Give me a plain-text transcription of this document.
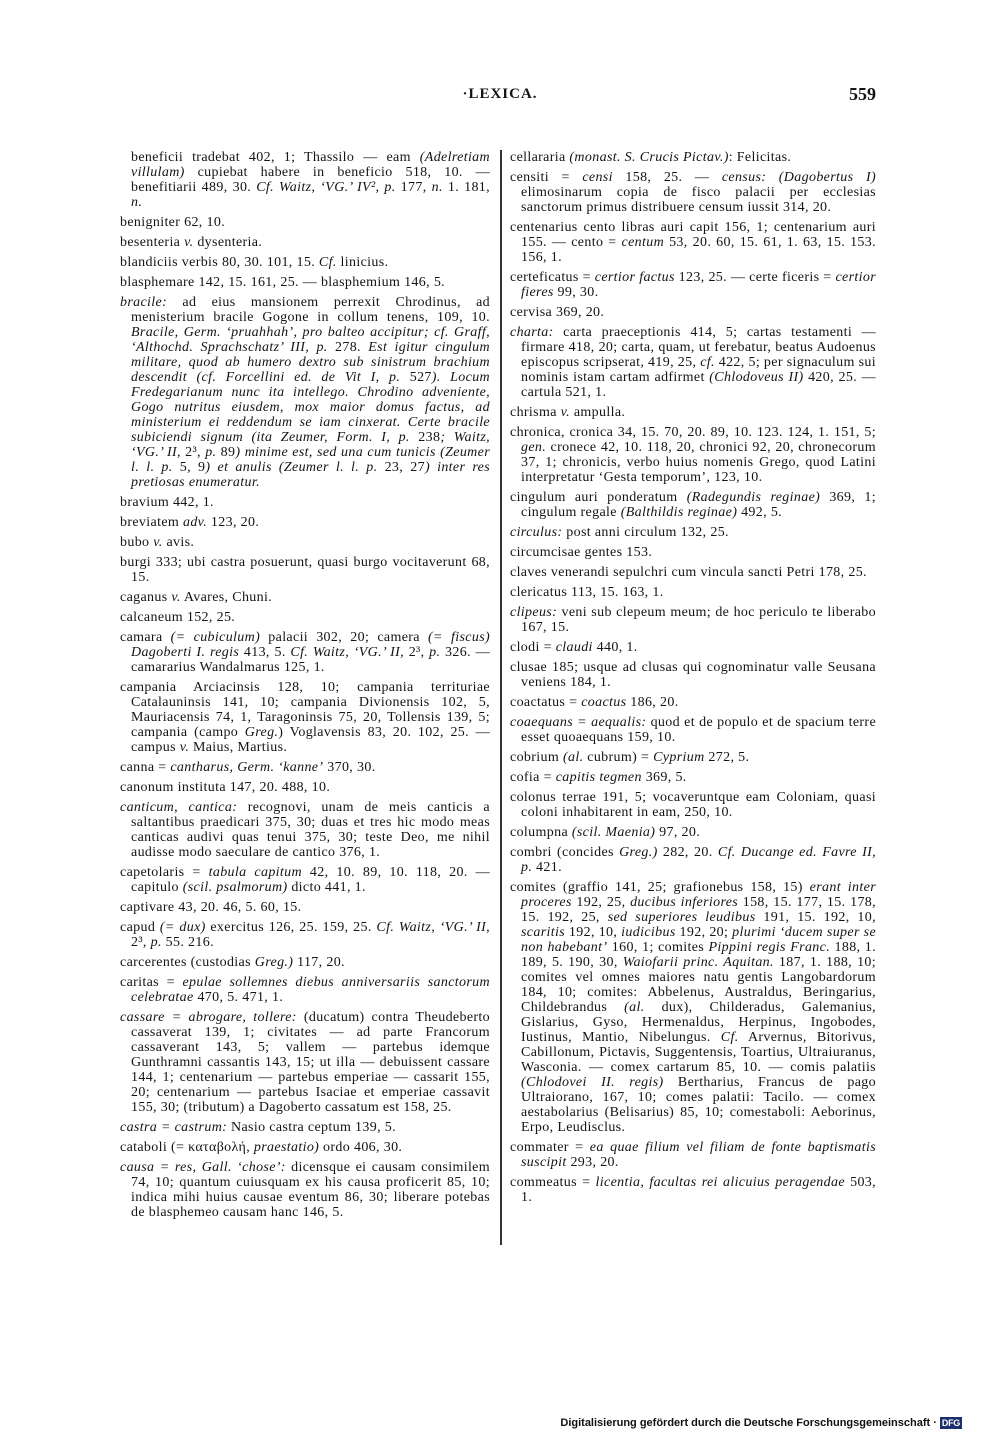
·LEXICA.	559
beneficii tradebat 402, 1; Thassilo — eam (Adelretiam villulam) cupiebat habere in beneficio 518, 10. — benefitiarii 489, 30. Cf. Waitz, ‘VG.’ IV², p. 177, n. 1. 181, n.
benigniter 62, 10.
besenteria v. dysenteria.
blandiciis verbis 80, 30. 101, 15. Cf. linicius.
blasphemare 142, 15. 161, 25. — blasphemium 146, 5.
bracile: ad eius mansionem perrexit Chrodinus, ad menisterium bracile Gogone in collum tenens, 109, 10. Bracile, Germ. ‘pruahhah’, pro balteo accipitur; cf. Graff, ‘Althochd. Sprachschatz’ III, p. 278. Est igitur cingulum militare, quod ab humero dextro sub sinistrum brachium descendit (cf. Forcellini ed. de Vit I, p. 527). Locum Fredegarianum nunc ita intellego. Chrodino adveniente, Gogo nutritus eiusdem, mox maior domus factus, ad ministerium ei reddendum se iam cinxerat. Certe bracile subiciendi signum (ita Zeumer, Form. I, p. 238; Waitz, ‘VG.’ II, 2³, p. 89) minime est, sed una cum tunicis (Zeumer l. l. p. 5, 9) et anulis (Zeumer l. l. p. 23, 27) inter res pretiosas enumeratur.
bravium 442, 1.
breviatem adv. 123, 20.
bubo v. avis.
burgi 333; ubi castra posuerunt, quasi burgo vocitaverunt 68, 15.
caganus v. Avares, Chuni.
calcaneum 152, 25.
camara (= cubiculum) palacii 302, 20; camera (= fiscus) Dagoberti I. regis 413, 5. Cf. Waitz, ‘VG.’ II, 2³, p. 326. — camararius Wandalmarus 125, 1.
campania Arciacinsis 128, 10; campania territuriae Catalauninsis 141, 10; campania Divionensis 102, 5, Mauriacensis 74, 1, Taragoninsis 75, 20, Tollensis 139, 5; campania (campo Greg.) Voglavensis 83, 20. 102, 25. — campus v. Maius, Martius.
canna = cantharus, Germ. ‘kanne’ 370, 30.
canonum instituta 147, 20. 488, 10.
canticum, cantica: recognovi, unam de meis canticis a saltantibus praedicari 375, 30; duas et tres hic modo meas canticas audivi quas tenui 375, 30; teste Deo, me nihil audisse modo saeculare de cantico 376, 1.
capetolaris = tabula capitum 42, 10. 89, 10. 118, 20. — capitulo (scil. psalmorum) dicto 441, 1.
captivare 43, 20. 46, 5. 60, 15.
capud (= dux) exercitus 126, 25. 159, 25. Cf. Waitz, ‘VG.’ II, 2³, p. 55. 216.
carcerentes (custodias Greg.) 117, 20.
caritas = epulae sollemnes diebus anniversariis sanctorum celebratae 470, 5. 471, 1.
cassare = abrogare, tollere: (ducatum) contra Theudeberto cassaverat 139, 1; civitates — ad parte Francorum cassaverant 143, 5; vallem — partebus idemque Gunthramni cassantis 143, 15; ut illa — debuissent cassare 144, 1; centenarium — partebus emperiae — cassarit 155, 20; centenarium — partebus Isaciae et emperiae cassavit 155, 30; (tributum) a Dagoberto cassatum est 158, 25.
castra = castrum: Nasio castra ceptum 139, 5.
cataboli (= καταβολή, praestatio) ordo 406, 30.
causa = res, Gall. ‘chose’: dicensque ei causam consimilem 74, 10; quantum cuiusquam ex his causa proficerit 85, 10; indica mihi huius causae eventum 86, 30; liberare potebas de blasphemeo causam hanc 146, 5.
cellararia (monast. S. Crucis Pictav.): Felicitas.
censiti = censi 158, 25. — census: (Dagobertus I) elimosinarum copia de fisco palacii per ecclesias sanctorum primus distribuere censum iussit 314, 20.
centenarius cento libras auri capit 156, 1; centenarium auri 155. — cento = centum 53, 20. 60, 15. 61, 1. 63, 15. 153. 156, 1.
certeficatus = certior factus 123, 25. — certe ficeris = certior fieres 99, 30.
cervisa 369, 20.
charta: carta praeceptionis 414, 5; cartas testamenti — firmare 418, 20; carta, quam, ut ferebatur, beatus Audoenus episcopus scripserat, 419, 25, cf. 422, 5; per signaculum sui nominis istam cartam adfirmet (Chlodoveus II) 420, 25. — cartula 521, 1.
chrisma v. ampulla.
chronica, cronica 34, 15. 70, 20. 89, 10. 123. 124, 1. 151, 5; gen. cronece 42, 10. 118, 20, chronici 92, 20, chronecorum 37, 1; chronicis, verbo huius nomenis Grego, quod Latini interpretatur ‘Gesta temporum’, 123, 10.
cingulum auri ponderatum (Radegundis reginae) 369, 1; cingulum regale (Balthildis reginae) 492, 5.
circulus: post anni circulum 132, 25.
circumcisae gentes 153.
claves venerandi sepulchri cum vincula sancti Petri 178, 25.
clericatus 113, 15. 163, 1.
clipeus: veni sub clepeum meum; de hoc periculo te liberabo 167, 15.
clodi = claudi 440, 1.
clusae 185; usque ad clusas qui cognominatur valle Seusana veniens 184, 1.
coactatus = coactus 186, 20.
coaequans = aequalis: quod et de populo et de spacium terre esset quoaequans 159, 10.
cobrium (al. cubrum) = Cyprium 272, 5.
cofia = capitis tegmen 369, 5.
colonus terrae 191, 5; vocaveruntque eam Coloniam, quasi coloni inhabitarent in eam, 250, 10.
columpna (scil. Maenia) 97, 20.
combri (concides Greg.) 282, 20. Cf. Ducange ed. Favre II, p. 421.
comites (graffio 141, 25; grafionebus 158, 15) erant inter proceres 192, 25, ducibus inferiores 158, 15. 177, 15. 178, 15. 192, 25, sed superiores leudibus 191, 15. 192, 10, scaritis 192, 10, iudicibus 192, 20; plurimi ‘ducem super se non habebant’ 160, 1; comites Pippini regis Franc. 188, 1. 189, 5. 190, 30, Waiofarii princ. Aquitan. 187, 1. 188, 10; comites vel omnes maiores natu gentis Langobardorum 184, 10; comites: Abbelenus, Australdus, Beringarius, Childebrandus (al. dux), Childeradus, Galemanius, Gislarius, Gyso, Hermenaldus, Herpinus, Ingobodes, Iustinus, Mantio, Nibelungus. Cf. Arvernus, Bitorivus, Cabillonum, Pictavis, Suggentensis, Toartius, Ultraiuranus, Wasconia. — comex cartarum 85, 10. — comis palatiis (Chlodovei II. regis) Bertharius, Francus de pago Ultraiorano, 167, 10; comes palatii: Tacilo. — comex aestabolarius (Belisarius) 85, 10; comestaboli: Aeborinus, Erpo, Leudisclus.
commater = ea quae filium vel filiam de fonte baptismatis suscipit 293, 20.
commeatus = licentia, facultas rei alicuius peragendae 503, 1.
Digitalisierung gefördert durch die Deutsche Forschungsgemeinschaft · DFG
